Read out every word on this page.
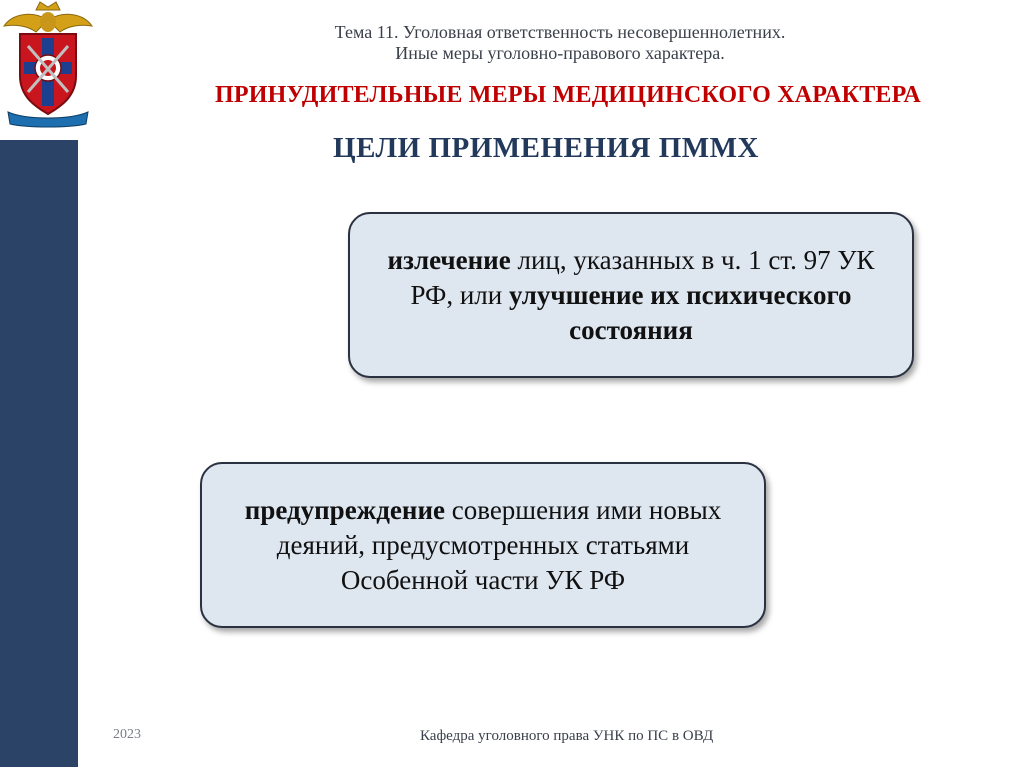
Тема 11. Уголовная ответственность несовершеннолетних.
Иные меры уголовно-правового характера.
ПРИНУДИТЕЛЬНЫЕ МЕРЫ МЕДИЦИНСКОГО ХАРАКТЕРА
ЦЕЛИ ПРИМЕНЕНИЯ ПММХ
излечение лиц, указанных в ч. 1 ст. 97 УК РФ, или улучшение их психического состояния
предупреждение совершения ими новых деяний, предусмотренных статьями Особенной части УК РФ
2023	Кафедра уголовного права УНК по ПС в ОВД
